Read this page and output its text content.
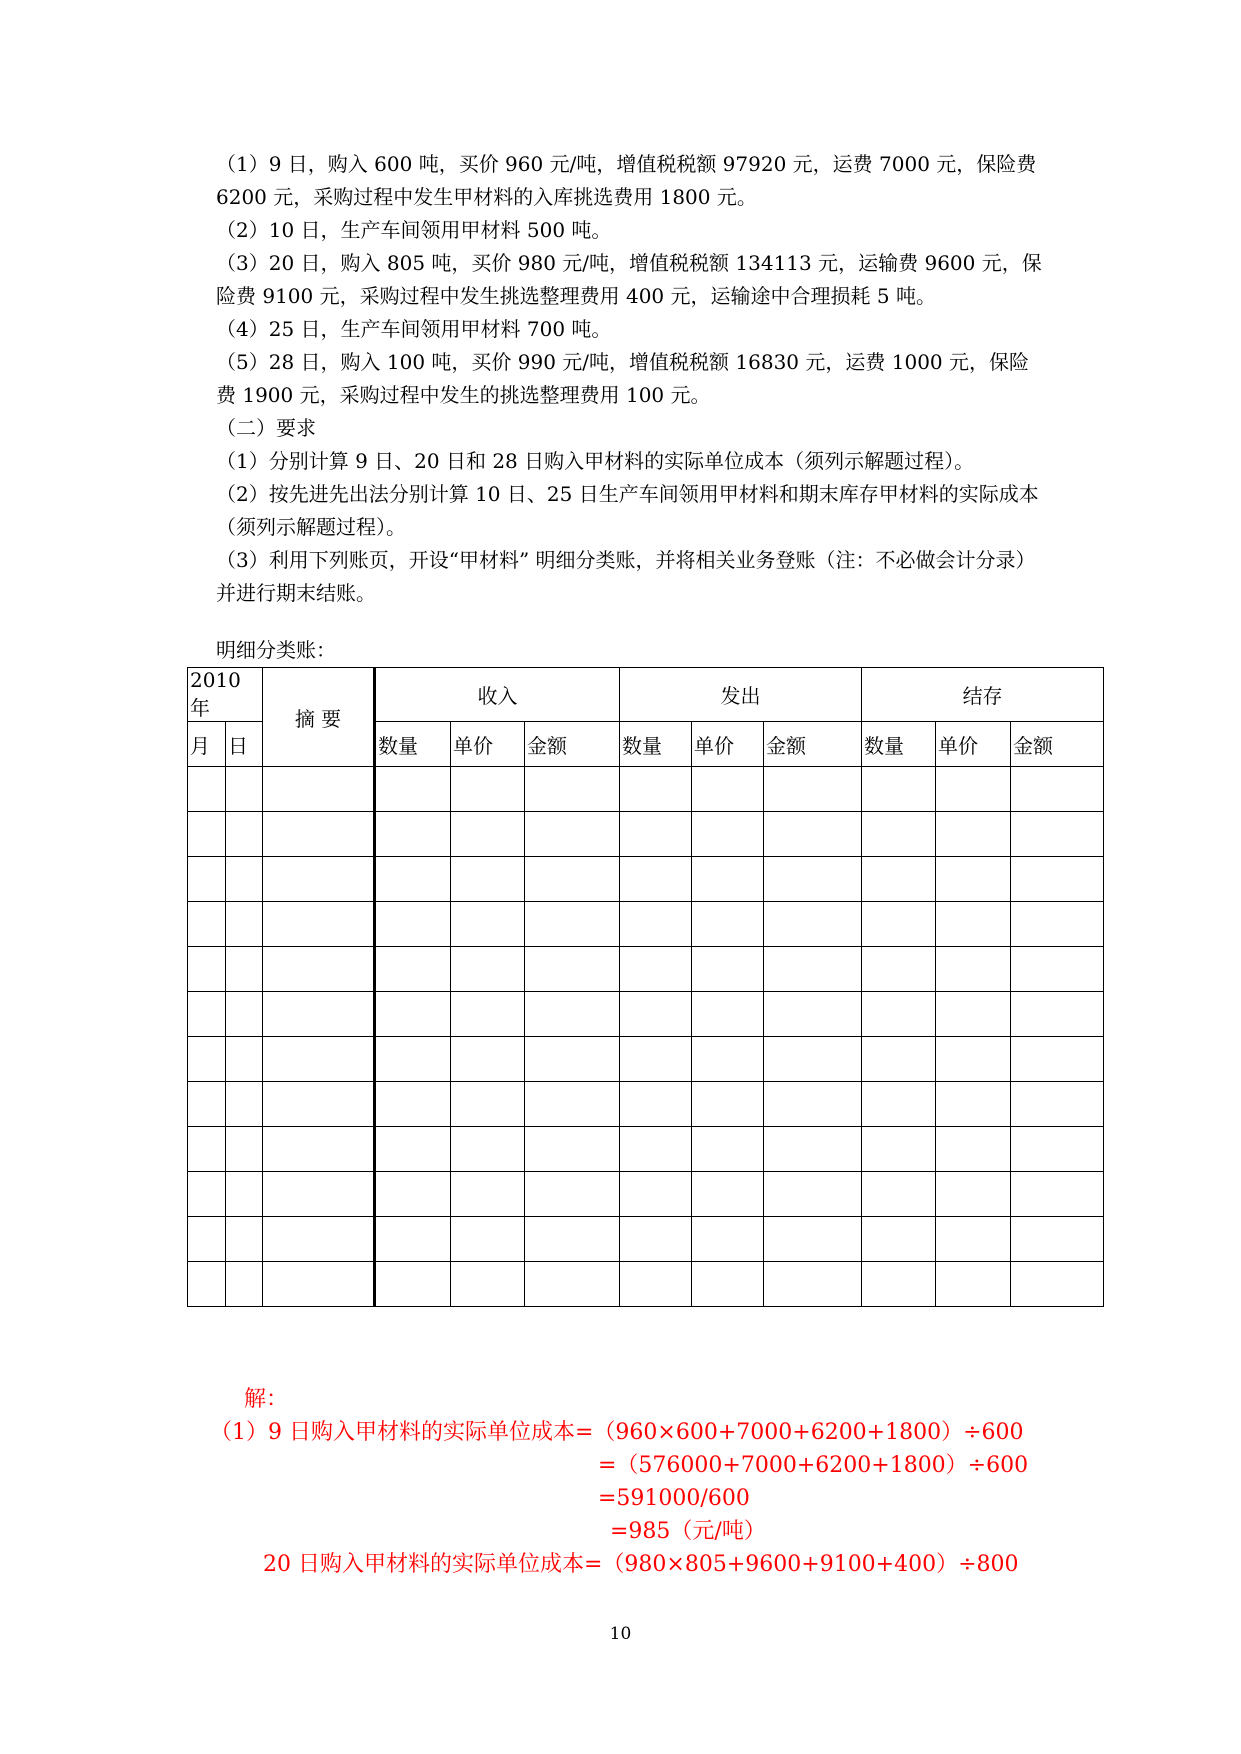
（1）9 日，购入 600 吨，买价 960 元/吨，增值税税额 97920 元，运费 7000 元，保险费 6200 元，采购过程中发生甲材料的入库挑选费用 1800 元。

（2）10 日，生产车间领用甲材料 500 吨。

（3）20 日，购入 805 吨，买价 980 元/吨，增值税税额 134113 元，运输费 9600 元，保险费 9100 元，采购过程中发生挑选整理费用 400 元，运输途中合理损耗 5 吨。

（4）25 日，生产车间领用甲材料 700 吨。

（5）28 日，购入 100 吨，买价 990 元/吨，增值税税额 16830 元，运费 1000 元，保险费 1900 元，采购过程中发生的挑选整理费用 100 元。

（二）要求

（1）分别计算 9 日、20 日和 28 日购入甲材料的实际单位成本（须列示解题过程）。

（2）按先进先出法分别计算 10 日、25 日生产车间领用甲材料和期末库存甲材料的实际成本（须列示解题过程）。

（3）利用下列账页，开设“甲材料” 明细分类账，并将相关业务登账（注：不必做会计分录）并进行期末结账。

明细分类账：
2010 年		摘 要	收入			发出			结存		
月	日		数量	单价	金额	数量	单价	金额	数量	单价	金额

解：
（1）9 日购入甲材料的实际单位成本=（960×600+7000+6200+1800）÷600
=（576000+7000+6200+1800）÷600
=591000/600
=985（元/吨）
20 日购入甲材料的实际单位成本=（980×805+9600+9100+400）÷800
10
